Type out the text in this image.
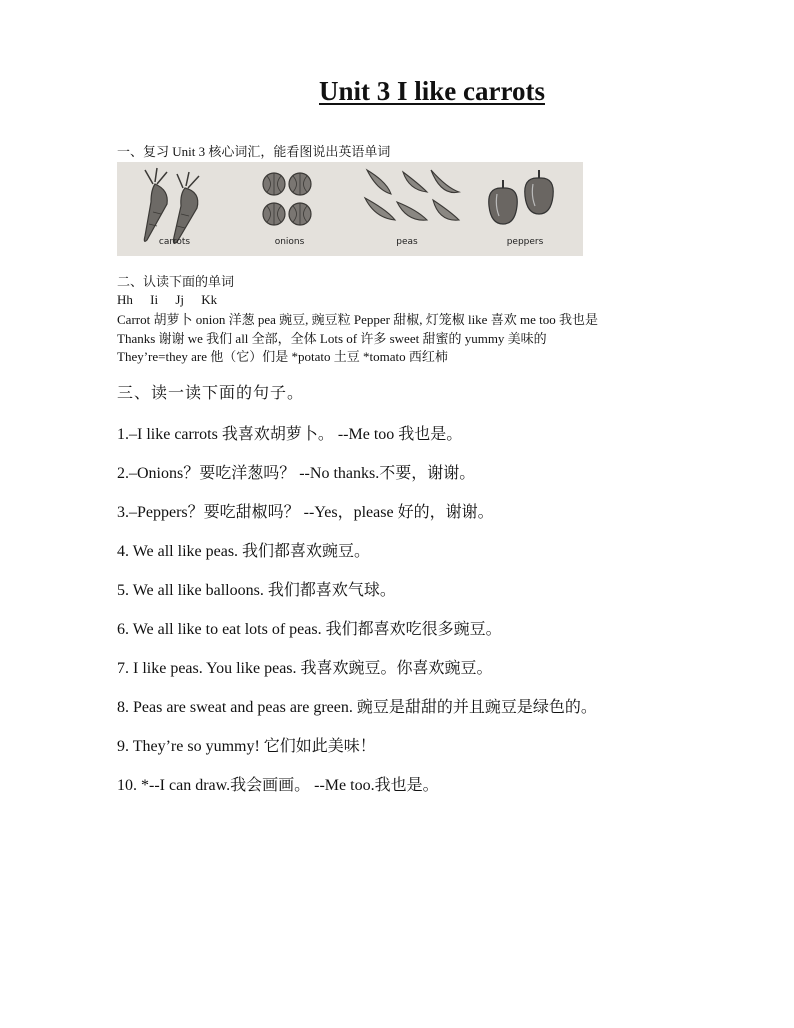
Unit 3 I like carrots
一、复习 Unit 3 核心词汇，能看图说出英语单词
carrots	onions	peas	peppers
二、认读下面的单词
Hh Ii Jj Kk
Carrot 胡萝卜 onion 洋葱 pea 豌豆, 豌豆粒 Pepper 甜椒, 灯笼椒 like 喜欢 me too 我也是
Thanks 谢谢 we 我们 all 全部，全体 Lots of 许多 sweet 甜蜜的 yummy 美味的
They’re=they are 他（它）们是 *potato 土豆 *tomato 西红柿
三、读一读下面的句子。
1.–I like carrots 我喜欢胡萝卜。 --Me too 我也是。
2.–Onions？要吃洋葱吗？ --No thanks.不要，谢谢。
3.–Peppers？要吃甜椒吗？ --Yes，please 好的，谢谢。
4. We all like peas. 我们都喜欢豌豆。
5. We all like balloons. 我们都喜欢气球。
6. We all like to eat lots of peas. 我们都喜欢吃很多豌豆。
7. I like peas. You like peas. 我喜欢豌豆。你喜欢豌豆。
8. Peas are sweat and peas are green. 豌豆是甜甜的并且豌豆是绿色的。
9. They’re so yummy! 它们如此美味！
10. *--I can draw.我会画画。 --Me too.我也是。
